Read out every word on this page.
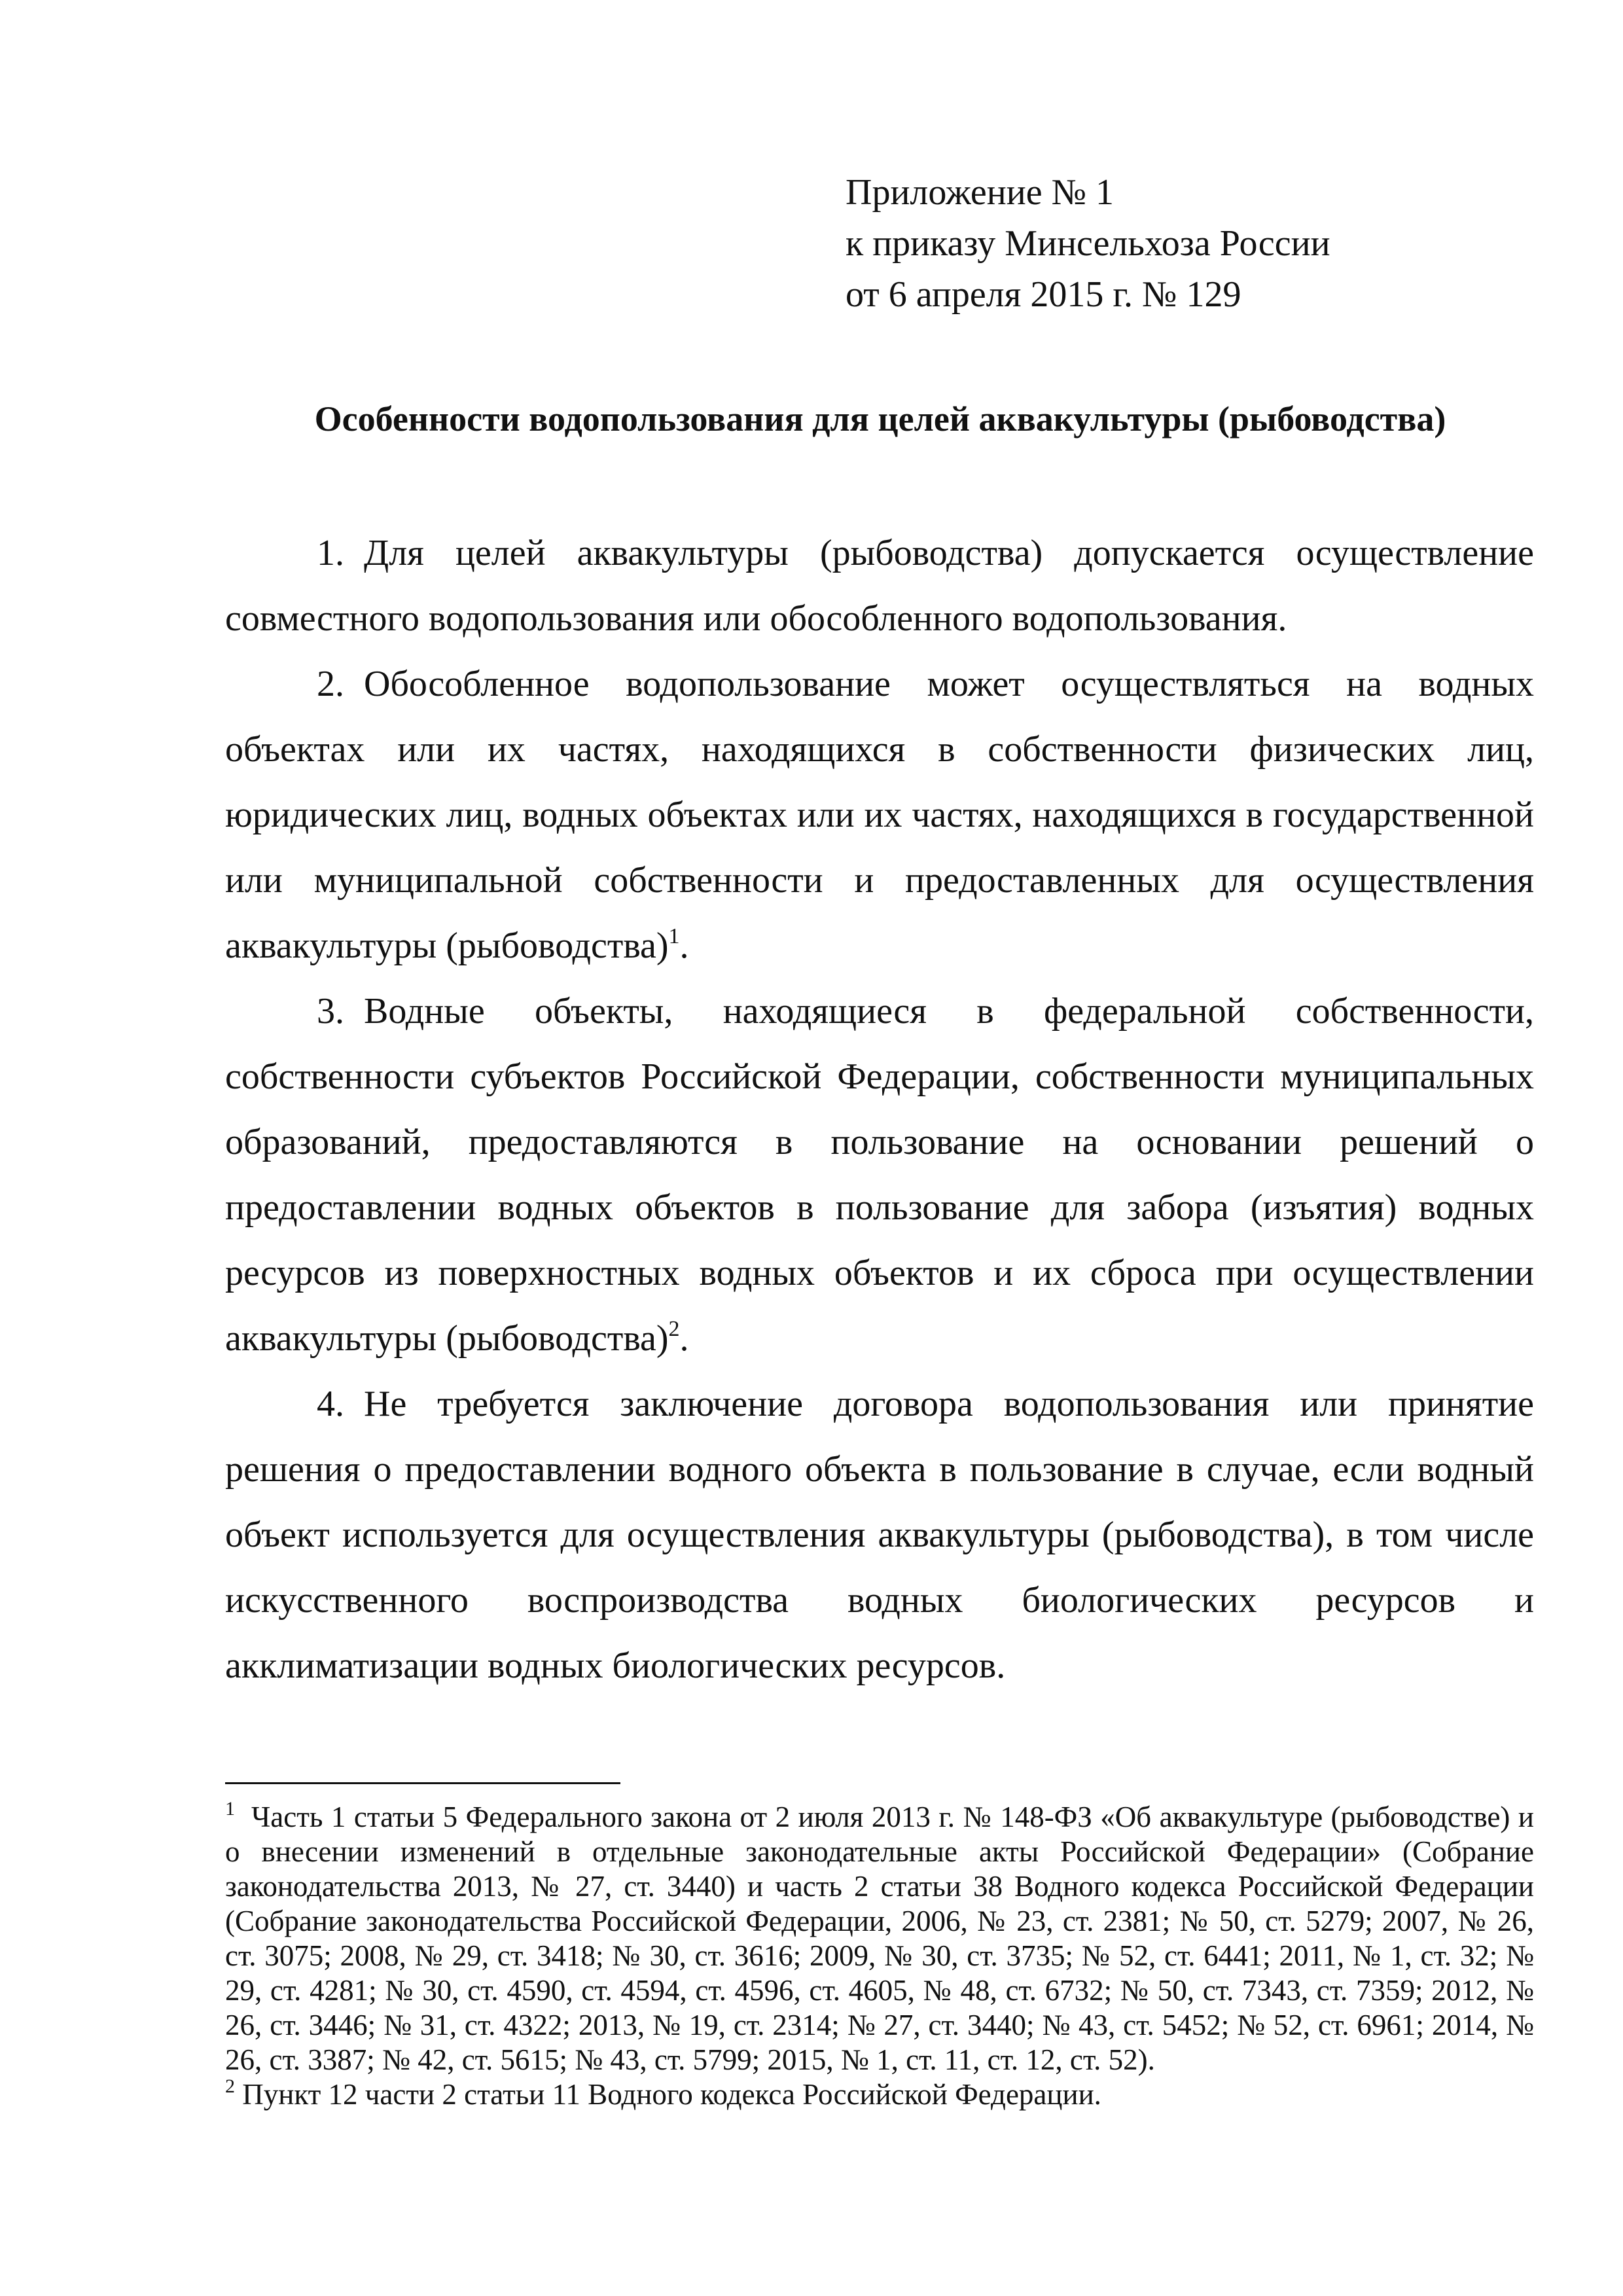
Приложение № 1
к приказу Минсельхоза России
от 6 апреля 2015 г. № 129
Особенности водопользования для целей аквакультуры (рыбоводства)

1. Для целей аквакультуры (рыбоводства) допускается осуществление совместного водопользования или обособленного водопользования.

2. Обособленное водопользование может осуществляться на водных объектах или их частях, находящихся в собственности физических лиц, юридических лиц, водных объектах или их частях, находящихся в государственной или муниципальной собственности и предоставленных для осуществления аквакультуры (рыбоводства)$^1$.

3. Водные объекты, находящиеся в федеральной собственности, собственности субъектов Российской Федерации, собственности муниципальных образований, предоставляются в пользование на основании решений о предоставлении водных объектов в пользование для забора (изъятия) водных ресурсов из поверхностных водных объектов и их сброса при осуществлении аквакультуры (рыбоводства)$^2$.

4. Не требуется заключение договора водопользования или принятие решения о предоставлении водного объекта в пользование в случае, если водный объект используется для осуществления аквакультуры (рыбоводства), в том числе искусственного воспроизводства водных биологических ресурсов и акклиматизации водных биологических ресурсов.

$^1$ Часть 1 статьи 5 Федерального закона от 2 июля 2013 г. № 148-ФЗ «Об аквакультуре (рыбоводстве) и о внесении изменений в отдельные законодательные акты Российской Федерации» (Собрание законодательства 2013, № 27, ст. 3440) и часть 2 статьи 38 Водного кодекса Российской Федерации (Собрание законодательства Российской Федерации, 2006, № 23, ст. 2381; № 50, ст. 5279; 2007, № 26, ст. 3075; 2008, № 29, ст. 3418; № 30, ст. 3616; 2009, № 30, ст. 3735; № 52, ст. 6441; 2011, № 1, ст. 32; № 29, ст. 4281; № 30, ст. 4590, ст. 4594, ст. 4596, ст. 4605, № 48, ст. 6732; № 50, ст. 7343, ст. 7359; 2012, № 26, ст. 3446; № 31, ст. 4322; 2013, № 19, ст. 2314; № 27, ст. 3440; № 43, ст. 5452; № 52, ст. 6961; 2014, № 26, ст. 3387; № 42, ст. 5615; № 43, ст. 5799; 2015, № 1, ст. 11, ст. 12, ст. 52).

$^2$ Пункт 12 части 2 статьи 11 Водного кодекса Российской Федерации.
